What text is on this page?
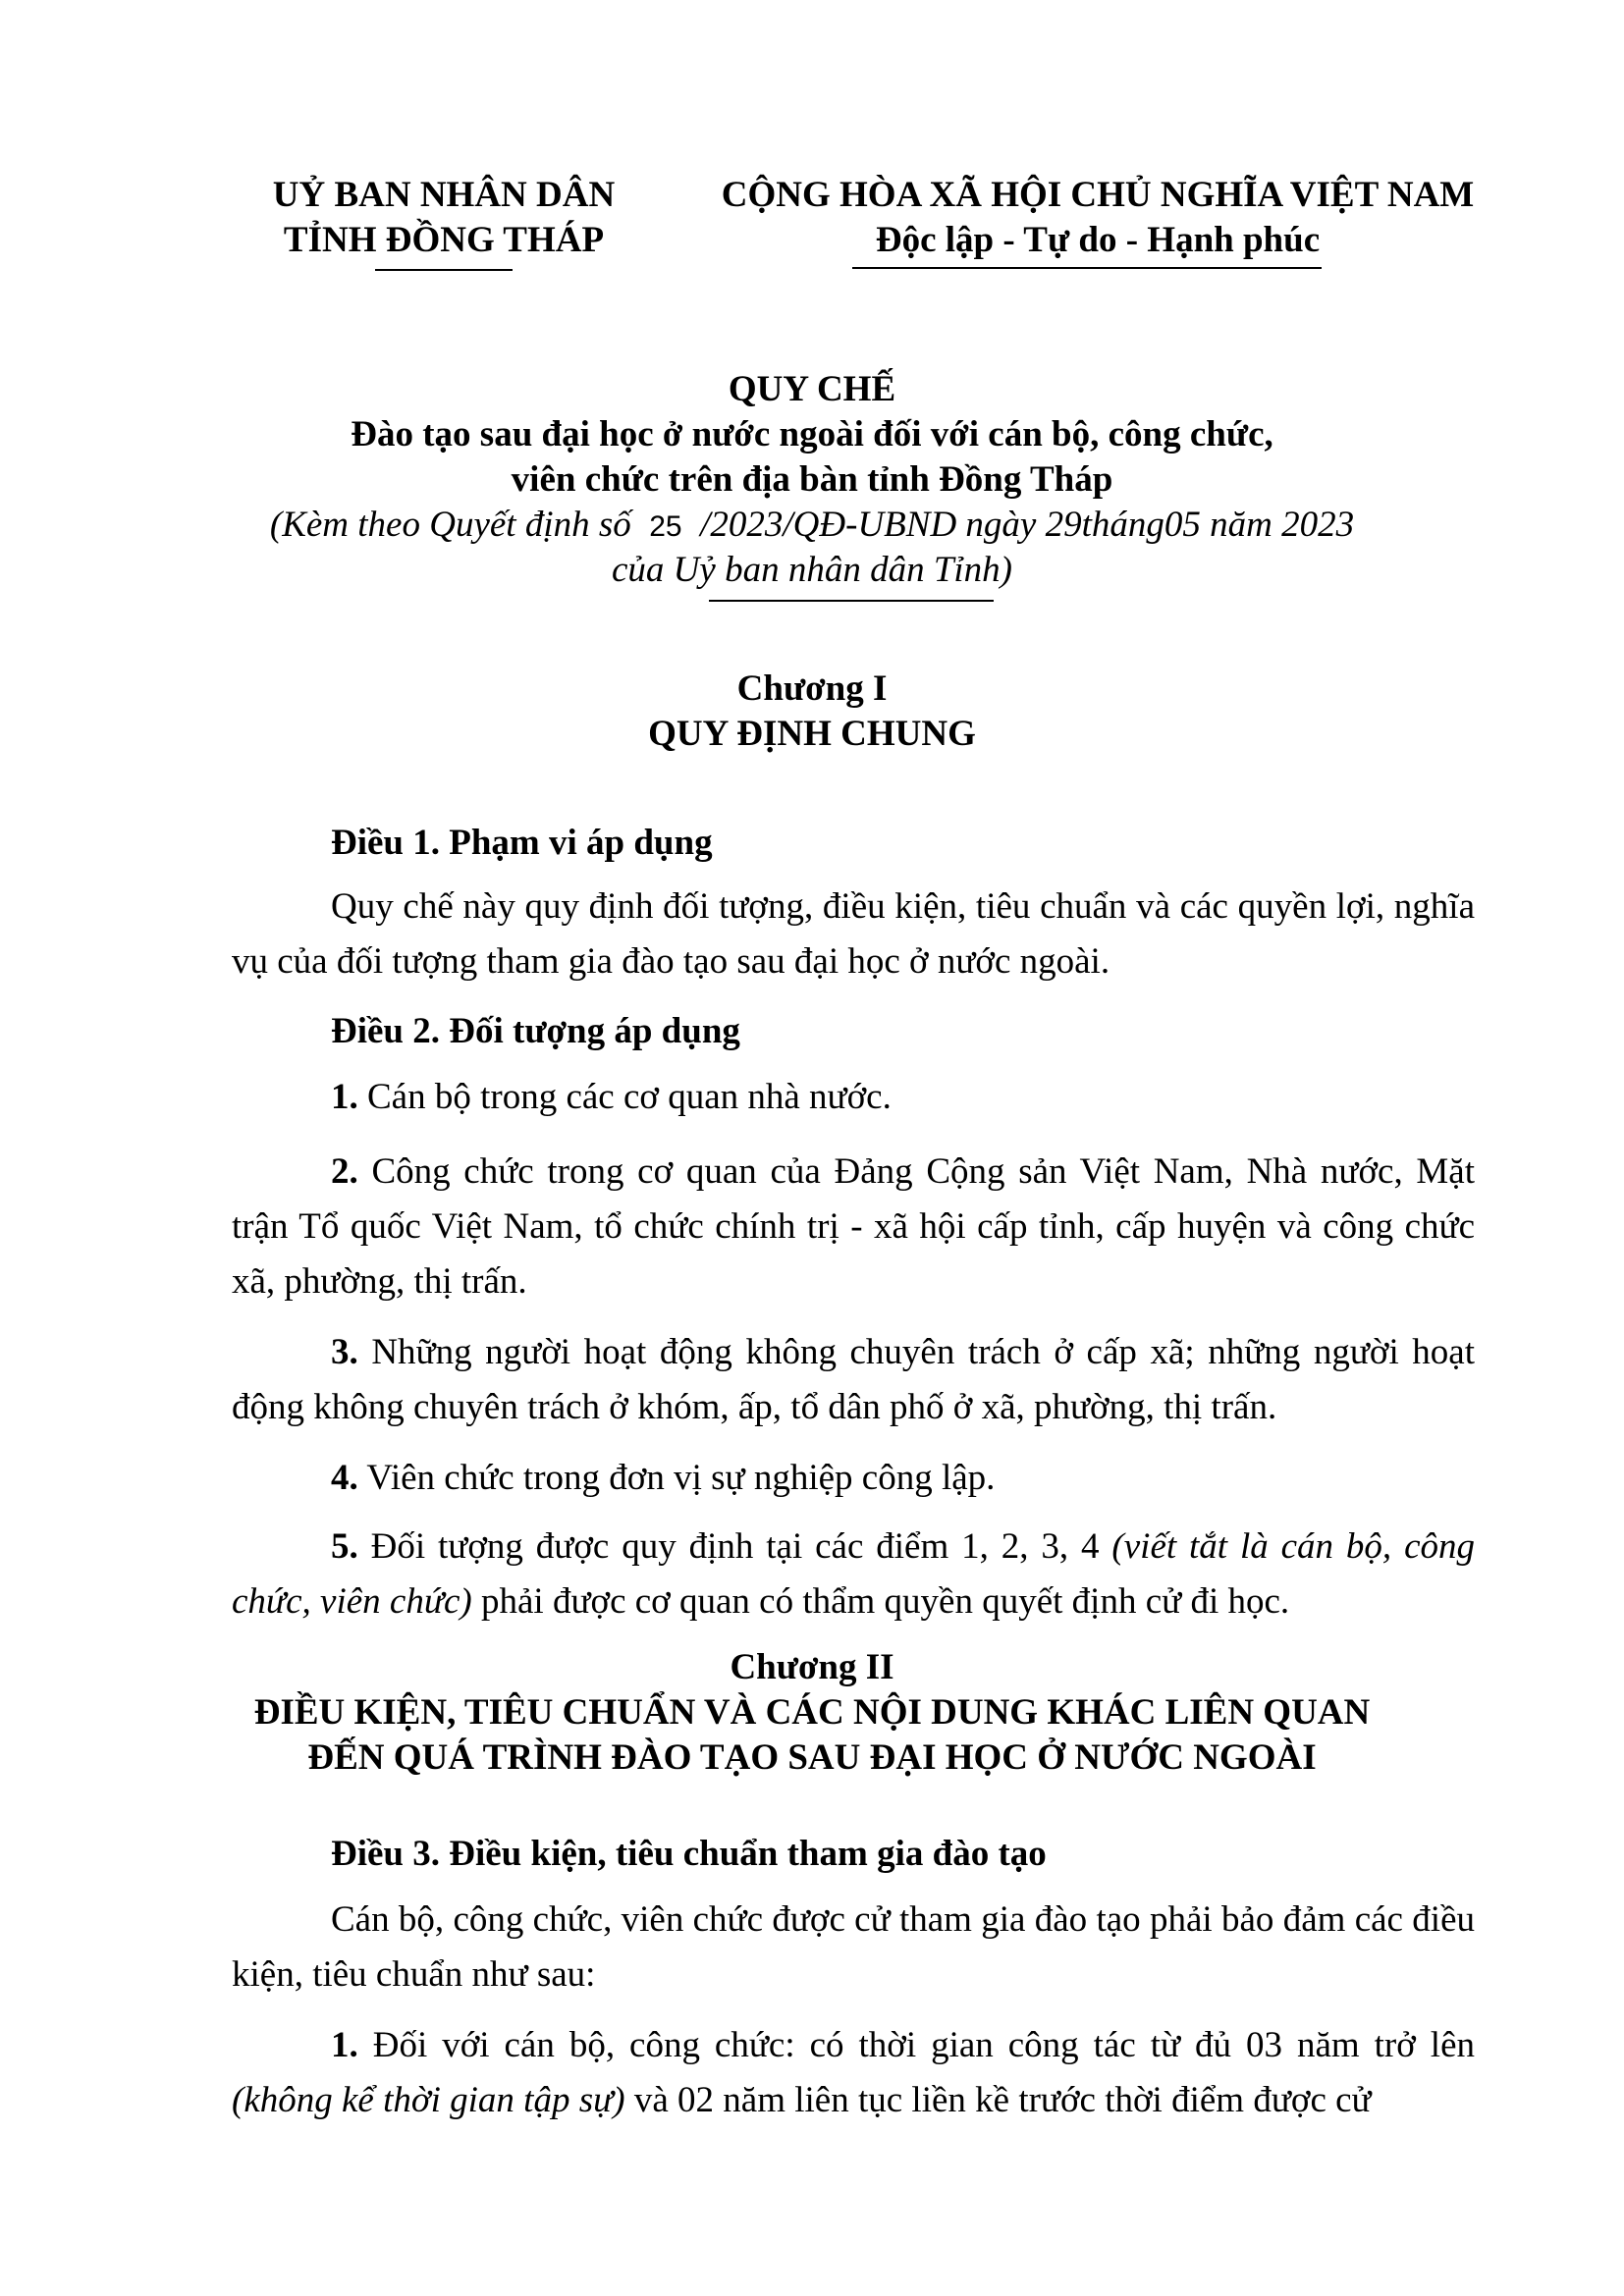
UỶ BAN NHÂN DÂN
TỈNH ĐỒNG THÁP
CỘNG HÒA XÃ HỘI CHỦ NGHĨA VIỆT NAM
Độc lập - Tự do - Hạnh phúc
QUY CHẾ
Đào tạo sau đại học ở nước ngoài đối với cán bộ, công chức,
viên chức trên địa bàn tỉnh Đồng Tháp
(Kèm theo Quyết định số 25 /2023/QĐ-UBND ngày 29tháng05 năm 2023
của Uỷ ban nhân dân Tỉnh)
Chương I
QUY ĐỊNH CHUNG
Điều 1. Phạm vi áp dụng
Quy chế này quy định đối tượng, điều kiện, tiêu chuẩn và các quyền lợi, nghĩa vụ của đối tượng tham gia đào tạo sau đại học ở nước ngoài.
Điều 2. Đối tượng áp dụng
1. Cán bộ trong các cơ quan nhà nước.
2. Công chức trong cơ quan của Đảng Cộng sản Việt Nam, Nhà nước, Mặt trận Tổ quốc Việt Nam, tổ chức chính trị - xã hội cấp tỉnh, cấp huyện và công chức xã, phường, thị trấn.
3. Những người hoạt động không chuyên trách ở cấp xã; những người hoạt động không chuyên trách ở khóm, ấp, tổ dân phố ở xã, phường, thị trấn.
4. Viên chức trong đơn vị sự nghiệp công lập.
5. Đối tượng được quy định tại các điểm 1, 2, 3, 4 (viết tắt là cán bộ, công chức, viên chức) phải được cơ quan có thẩm quyền quyết định cử đi học.
Chương II
ĐIỀU KIỆN, TIÊU CHUẨN VÀ CÁC NỘI DUNG KHÁC LIÊN QUAN
ĐẾN QUÁ TRÌNH ĐÀO TẠO SAU ĐẠI HỌC Ở NƯỚC NGOÀI
Điều 3. Điều kiện, tiêu chuẩn tham gia đào tạo
Cán bộ, công chức, viên chức được cử tham gia đào tạo phải bảo đảm các điều kiện, tiêu chuẩn như sau:
1. Đối với cán bộ, công chức: có thời gian công tác từ đủ 03 năm trở lên (không kể thời gian tập sự) và 02 năm liên tục liền kề trước thời điểm được cử
